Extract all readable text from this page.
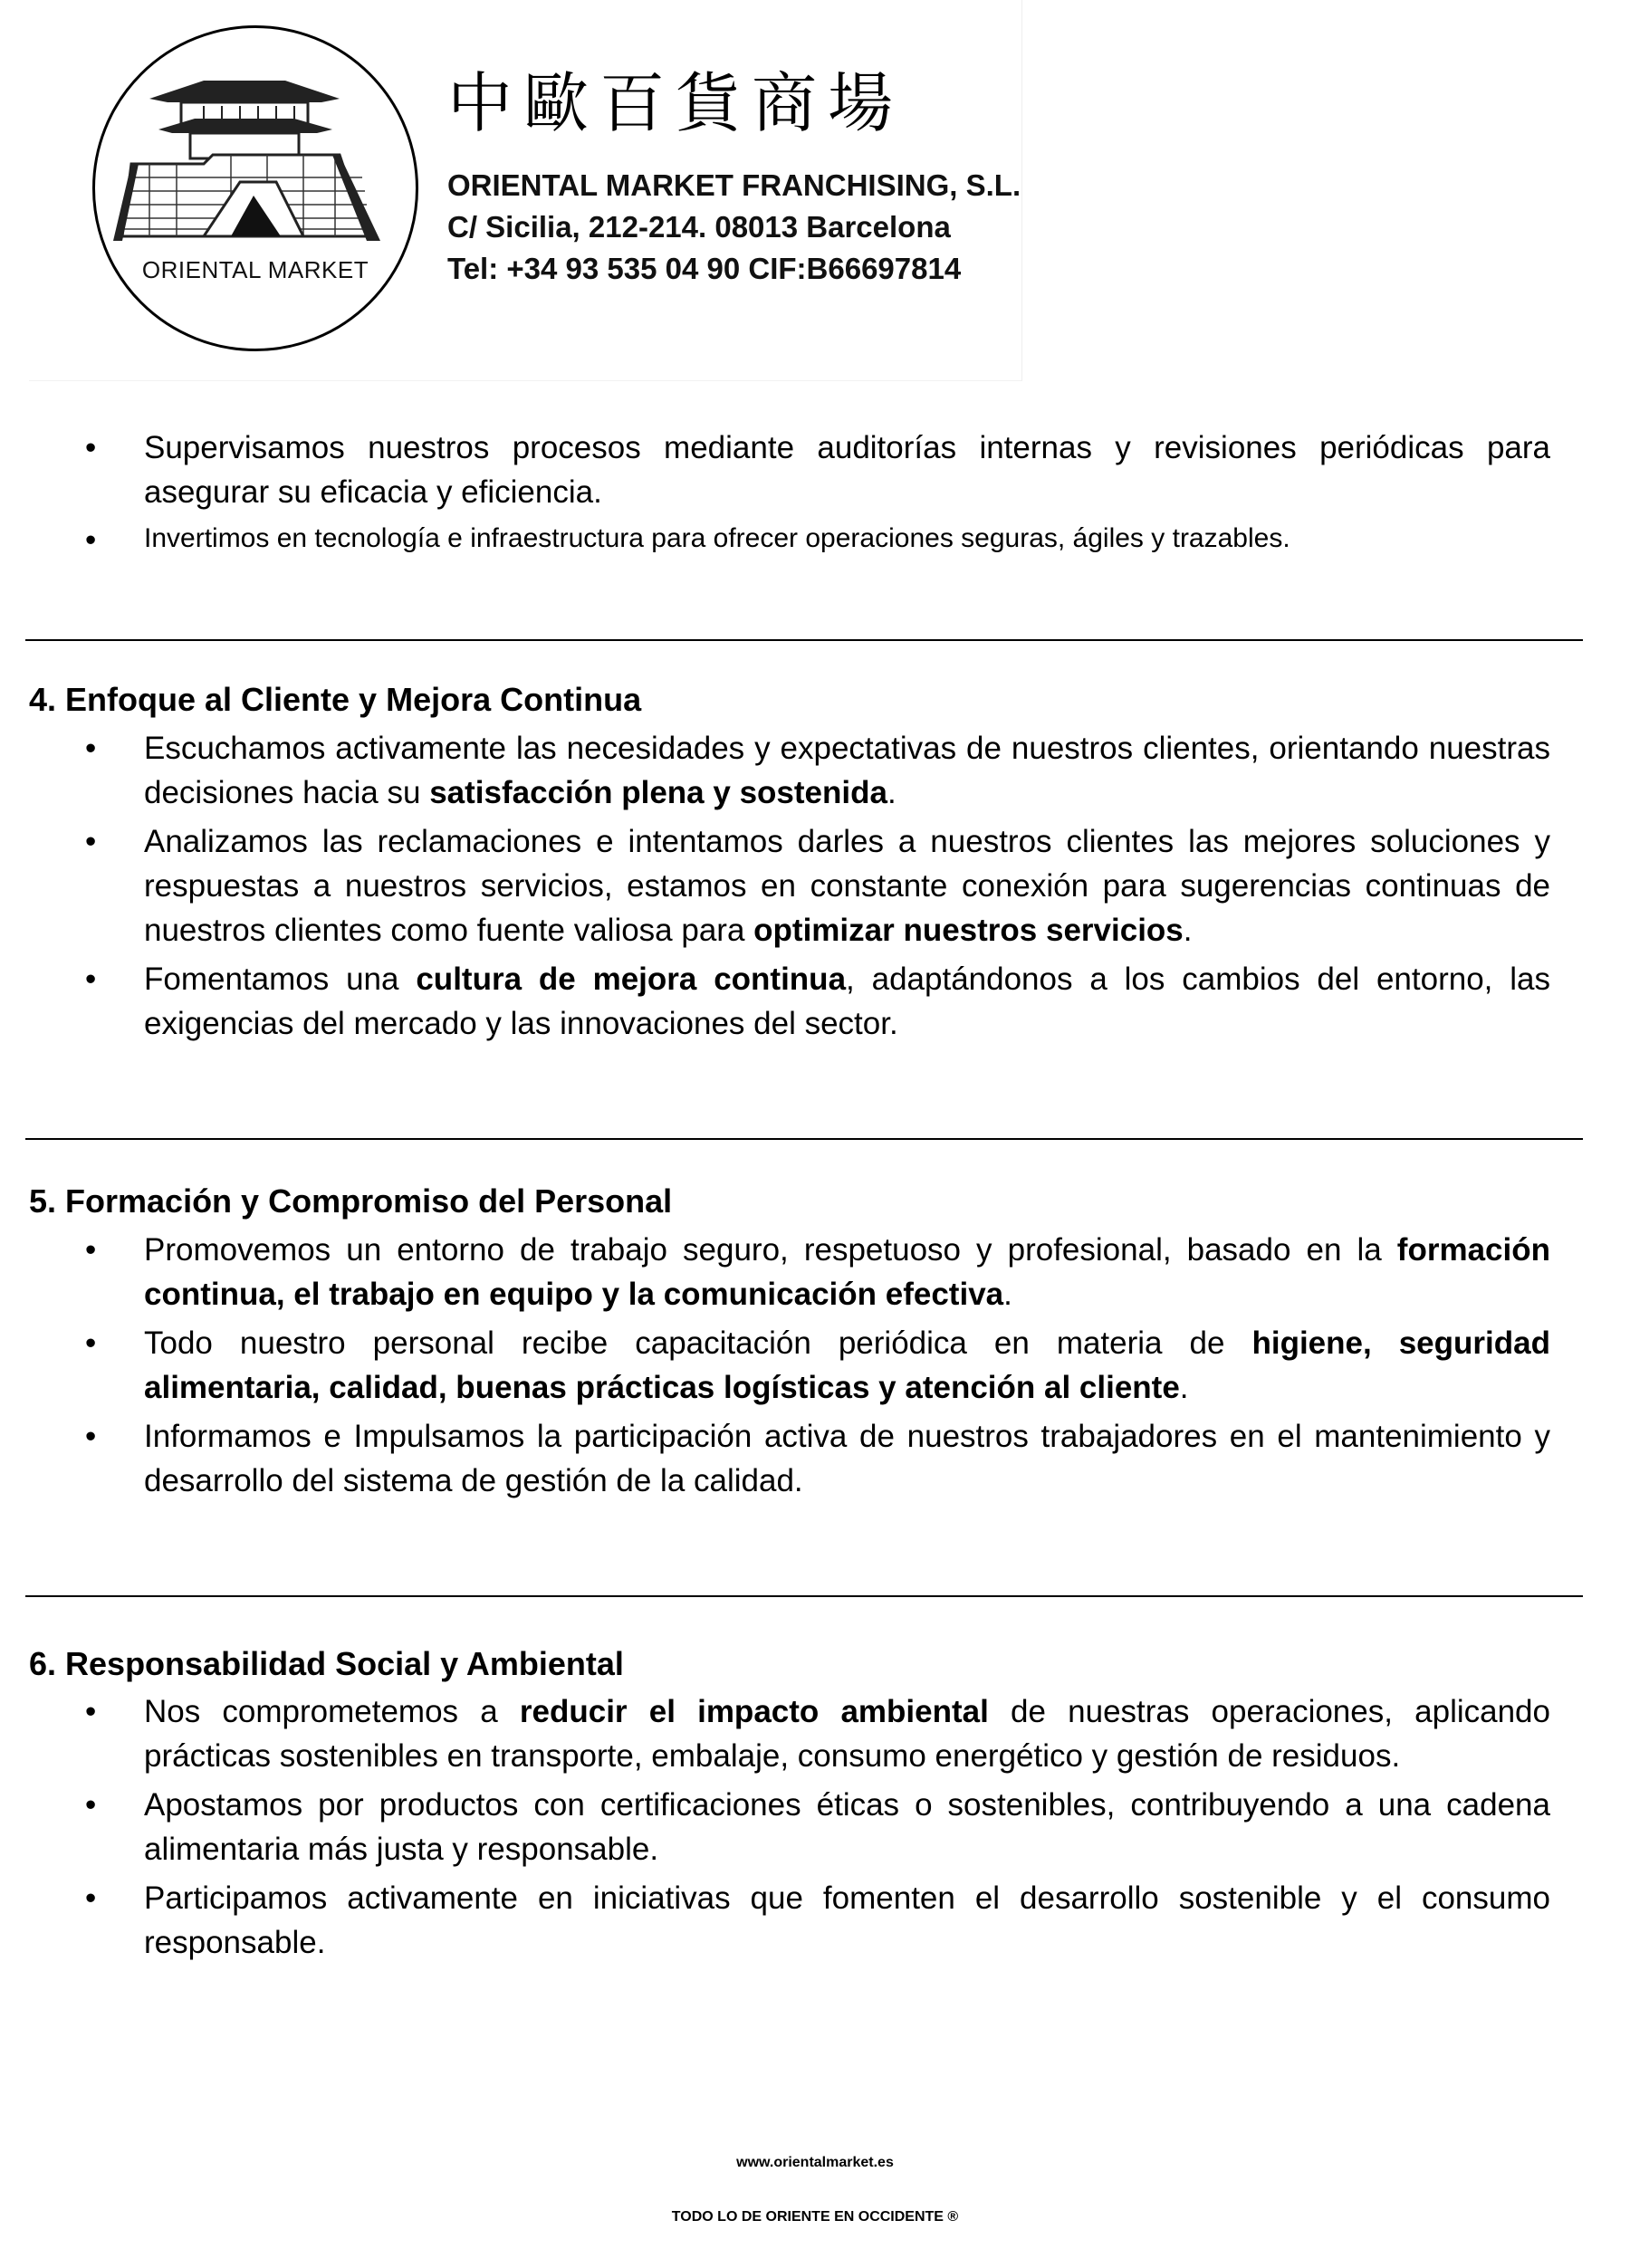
ORIENTAL MARKET
中歐百貨商場
ORIENTAL MARKET FRANCHISING, S.L.
C/ Sicilia, 212-214. 08013 Barcelona
Tel: +34 93 535 04 90 CIF:B66697814
• Supervisamos nuestros procesos mediante auditorías internas y revisiones periódicas para asegurar su eficacia y eficiencia.
• Invertimos en tecnología e infraestructura para ofrecer operaciones seguras, ágiles y trazables.
4. Enfoque al Cliente y Mejora Continua
• Escuchamos activamente las necesidades y expectativas de nuestros clientes, orientando nuestras decisiones hacia su satisfacción plena y sostenida.
• Analizamos las reclamaciones e intentamos darles a nuestros clientes las mejores soluciones y respuestas a nuestros servicios, estamos en constante conexión para sugerencias continuas de nuestros clientes como fuente valiosa para optimizar nuestros servicios.
• Fomentamos una cultura de mejora continua, adaptándonos a los cambios del entorno, las exigencias del mercado y las innovaciones del sector.
5. Formación y Compromiso del Personal
• Promovemos un entorno de trabajo seguro, respetuoso y profesional, basado en la formación continua, el trabajo en equipo y la comunicación efectiva.
• Todo nuestro personal recibe capacitación periódica en materia de higiene, seguridad alimentaria, calidad, buenas prácticas logísticas y atención al cliente.
• Informamos e Impulsamos la participación activa de nuestros trabajadores en el mantenimiento y desarrollo del sistema de gestión de la calidad.
6. Responsabilidad Social y Ambiental
• Nos comprometemos a reducir el impacto ambiental de nuestras operaciones, aplicando prácticas sostenibles en transporte, embalaje, consumo energético y gestión de residuos.
• Apostamos por productos con certificaciones éticas o sostenibles, contribuyendo a una cadena alimentaria más justa y responsable.
• Participamos activamente en iniciativas que fomenten el desarrollo sostenible y el consumo responsable.
www.orientalmarket.es
TODO LO DE ORIENTE EN OCCIDENTE ®
